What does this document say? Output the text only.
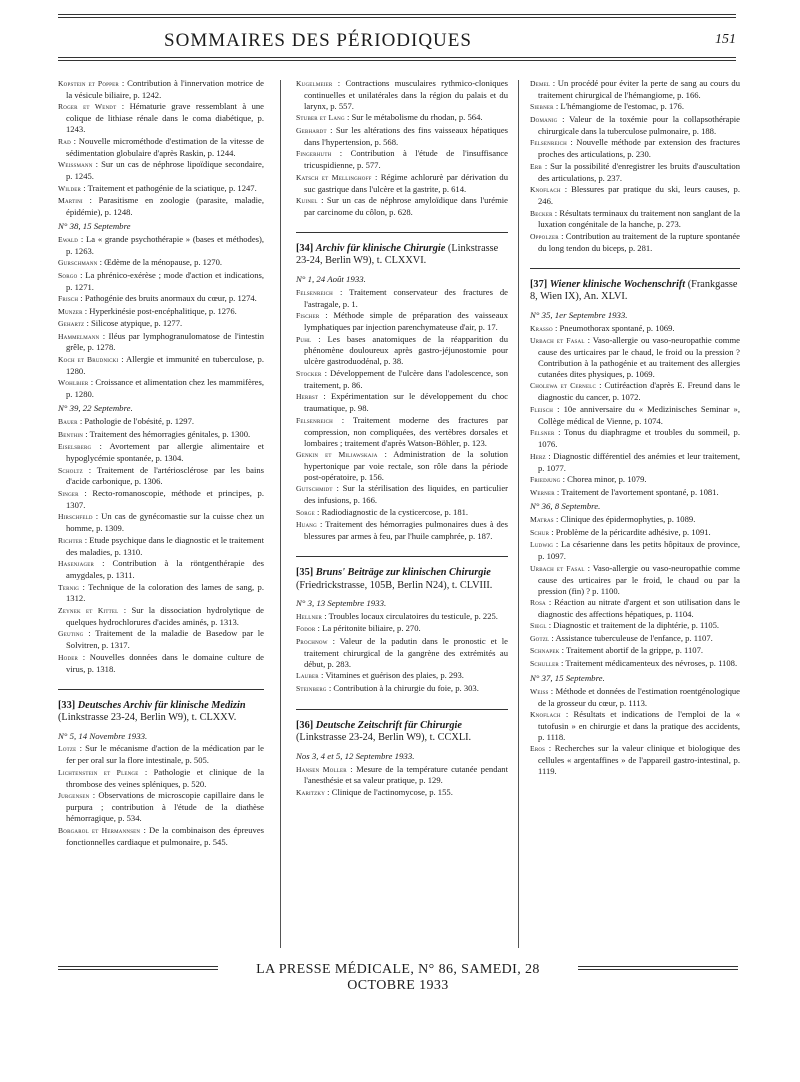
SOMMAIRES DES PÉRIODIQUES	151
Kopstein et Popper : Contribution à l'innervation motrice de la vésicule biliaire, p. 1242.
Roger et Wendt : Hématurie grave ressemblant à une colique de lithiase rénale dans le coma diabétique, p. 1243.
Rad : Nouvelle microméthode d'estimation de la vitesse de sédimentation globulaire d'après Raskin, p. 1244.
Weissmann : Sur un cas de néphrose lipoïdique secondaire, p. 1245.
Wilder : Traitement et pathogénie de la sciatique, p. 1247.
Martini : Parasitisme en zoologie (parasite, maladie, épidémie), p. 1248.
N° 38, 15 Septembre
Ewald : La « grande psychothérapie » (bases et méthodes), p. 1263.
Gurschmann : Œdème de la ménopause, p. 1270.
Sorgo : La phrénico-exérèse ; mode d'action et indications, p. 1271.
Frisch : Pathogénie des bruits anormaux du cœur, p. 1274.
Munzer : Hyperkinésie post-encéphalitique, p. 1276.
Gehartz : Silicose atypique, p. 1277.
Hammelmann : Iléus par lymphogranulomatose de l'intestin grêle, p. 1278.
Koch et Brudnicki : Allergie et immunité en tuberculose, p. 1280.
Wohlbier : Croissance et alimentation chez les mammifères, p. 1280.
N° 39, 22 Septembre.
Bauer : Pathologie de l'obésité, p. 1297.
Benthin : Traitement des hémorragies génitales, p. 1300.
Eiselsberg : Avortement par allergie alimentaire et hypoglycémie spontanée, p. 1304.
Scholtz : Traitement de l'artériosclérose par les bains d'acide carbonique, p. 1306.
Singer : Recto-romanoscopie, méthode et principes, p. 1307.
Hirschfeld : Un cas de gynécomastie sur la cuisse chez un homme, p. 1309.
Richter : Etude psychique dans le diagnostic et le traitement des maladies, p. 1310.
Hasenjager : Contribution à la röntgenthérapie des amygdales, p. 1311.
Ternig : Technique de la coloration des lames de sang, p. 1312.
Zeynek et Kittel : Sur la dissociation hydrolytique de quelques hydrochlorures d'acides aminés, p. 1313.
Geuting : Traitement de la maladie de Basedow par le Solvitren, p. 1317.
Hoder : Nouvelles données dans le domaine culture de virus, p. 1318.
[33] Deutsches Archiv für klinische Medizin (Linkstrasse 23-24, Berlin W9), t. CLXXV.
N° 5, 14 Novembre 1933.
Lotze : Sur le mécanisme d'action de la médication par le fer per oral sur la flore intestinale, p. 505.
Lichtenstein et Plenge : Pathologie et clinique de la thrombose des veines spléniques, p. 520.
Jurgensen : Observations de microscopie capillaire dans le purpura ; contribution à l'étude de la diathèse hémorragique, p. 534.
Borgarol et Hermannsen : De la combinaison des épreuves fonctionnelles cardiaque et pulmonaire, p. 545.
Kugelmeier : Contractions musculaires rythmico-cloniques continuelles et unilatérales dans la région du palais et du larynx, p. 557.
Stuber et Lang : Sur le métabolisme du rhodan, p. 564.
Gebhardt : Sur les altérations des fins vaisseaux hépatiques dans l'hypertension, p. 568.
Fingerhuth : Contribution à l'étude de l'insuffisance tricuspidienne, p. 577.
Katsch et Mellinghoff : Régime achlorurè par dérivation du suc gastrique dans l'ulcère et la gastrite, p. 614.
Kuinel : Sur un cas de néphrose amyloïdique dans l'urémie par carcinome du côlon, p. 628.
[34] Archiv für klinische Chirurgie (Linkstrasse 23-24, Berlin W9), t. CLXXVI.
N° 1, 24 Août 1933.
Felsenreich : Traitement conservateur des fractures de l'astragale, p. 1.
Fischer : Méthode simple de préparation des vaisseaux lymphatiques par injection parenchymateuse d'air, p. 17.
Puhl : Les bases anatomiques de la réapparition du phénomène douloureux après gastro-jéjunostomie pour ulcère gastroduodénal, p. 38.
Stocker : Développement de l'ulcère dans l'adolescence, son traitement, p. 86.
Herbst : Expérimentation sur le développement du choc traumatique, p. 98.
Felsenreich : Traitement moderne des fractures par compression, non compliquées, des vertèbres dorsales et lombaires ; traitement d'après Watson-Böhler, p. 123.
Genkin et Miljawskaja : Administration de la solution hypertonique par voie rectale, son rôle dans la période post-opératoire, p. 156.
Gutschmidt : Sur la stérilisation des liquides, en particulier des infusions, p. 166.
Sorge : Radiodiagnostic de la cysticercose, p. 181.
Huang : Traitement des hémorragies pulmonaires dues à des blessures par armes à feu, par l'huile camphrée, p. 187.
[35] Bruns' Beiträge zur klinischen Chirurgie (Friedrickstrasse, 105B, Berlin N24), t. CLVIII.
N° 3, 13 Septembre 1933.
Hellner : Troubles locaux circulatoires du testicule, p. 225.
Fodor : La péritonite biliaire, p. 270.
Prochnow : Valeur de la padutin dans le pronostic et le traitement chirurgical de la gangrène des extrémités au début, p. 283.
Lauber : Vitamines et guérison des plaies, p. 293.
Steinberg : Contribution à la chirurgie du foie, p. 303.
[36] Deutsche Zeitschrift für Chirurgie (Linkstrasse 23-24, Berlin W9), t. CCXLI.
Nos 3, 4 et 5, 12 Septembre 1933.
Hansen Moller : Mesure de la température cutanée pendant l'anesthésie et sa valeur pratique, p. 129.
Karitzky : Clinique de l'actinomycose, p. 155.
Demel : Un procédé pour éviter la perte de sang au cours du traitement chirurgical de l'hémangiome, p. 166.
Siebner : L'hémangiome de l'estomac, p. 176.
Domanig : Valeur de la toxémie pour la collapsothérapie chirurgicale dans la tuberculose pulmonaire, p. 188.
Felsenreich : Nouvelle méthode par extension des fractures proches des articulations, p. 230.
Erb : Sur la possibilité d'enregistrer les bruits d'auscultation des articulations, p. 237.
Knoflach : Blessures par pratique du ski, leurs causes, p. 246.
Becker : Résultats terminaux du traitement non sanglant de la luxation congénitale de la hanche, p. 273.
Oppolzer : Contribution au traitement de la rupture spontanée du long tendon du biceps, p. 281.
[37] Wiener klinische Wochenschrift (Frankgasse 8, Wien IX), An. XLVI.
N° 35, 1er Septembre 1933.
Krasso : Pneumothorax spontané, p. 1069.
Urbach et Fasal : Vaso-allergie ou vaso-neuropathie comme cause des urticaires par le chaud, le froid ou la pression ? Contribution à la pathogénie et au traitement des allergies cutanées dites physiques, p. 1069.
Cholewa et Cernelc : Cutiréaction d'après E. Freund dans le diagnostic du cancer, p. 1072.
Fleisch : 10e anniversaire du « Medizinisches Seminar », Collège médical de Vienne, p. 1074.
Felsner : Tonus du diaphragme et troubles du sommeil, p. 1076.
Herz : Diagnostic différentiel des anémies et leur traitement, p. 1077.
Friedjung : Chorea minor, p. 1079.
Werner : Traitement de l'avortement spontané, p. 1081.
N° 36, 8 Septembre.
Matras : Clinique des épidermophyties, p. 1089.
Schur : Problème de la péricardite adhésive, p. 1091.
Ludwig : La césarienne dans les petits hôpitaux de province, p. 1097.
Urbach et Fasal : Vaso-allergie ou vaso-neuropathie comme cause des urticaires par le froid, le chaud ou par la pression (fin) ? p. 1100.
Rosa : Réaction au nitrate d'argent et son utilisation dans le diagnostic des affections hépatiques, p. 1104.
Siegl : Diagnostic et traitement de la diphtérie, p. 1105.
Gotzl : Assistance tuberculeuse de l'enfance, p. 1107.
Schnapek : Traitement abortif de la grippe, p. 1107.
Schuller : Traitement médicamenteux des névroses, p. 1108.
N° 37, 15 Septembre.
Weiss : Méthode et données de l'estimation roentgénologique de la grosseur du cœur, p. 1113.
Knoflach : Résultats et indications de l'emploi de la « tutofusin » en chirurgie et dans la pratique des accidents, p. 1118.
Eros : Recherches sur la valeur clinique et biologique des cellules « argentaffines » de l'appareil gastro-intestinal, p. 1119.
LA PRESSE MÉDICALE, N° 86, SAMEDI, 28 OCTOBRE 1933
